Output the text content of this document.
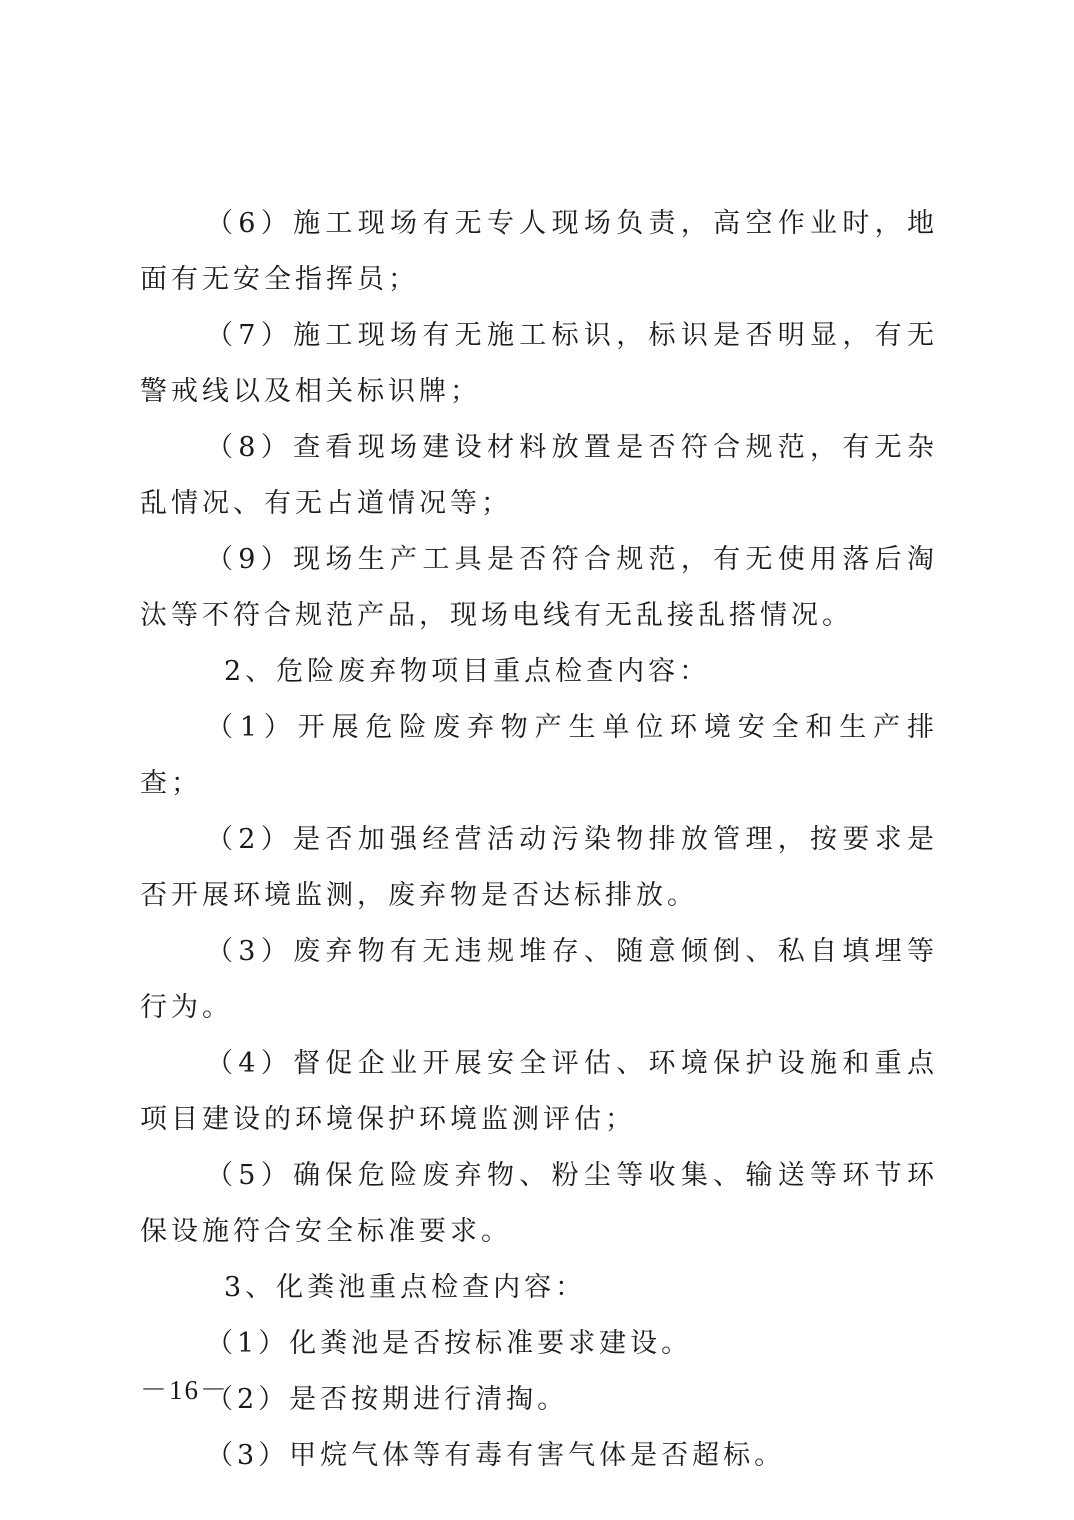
（6）施工现场有无专人现场负责，高空作业时，地面有无安全指挥员；

（7）施工现场有无施工标识，标识是否明显，有无警戒线以及相关标识牌；

（8）查看现场建设材料放置是否符合规范，有无杂乱情况、有无占道情况等；

（9）现场生产工具是否符合规范，有无使用落后淘汰等不符合规范产品，现场电线有无乱接乱搭情况。

2、危险废弃物项目重点检查内容：

（1）开展危险废弃物产生单位环境安全和生产排查；

（2）是否加强经营活动污染物排放管理，按要求是否开展环境监测，废弃物是否达标排放。

（3）废弃物有无违规堆存、随意倾倒、私自填埋等行为。

（4）督促企业开展安全评估、环境保护设施和重点项目建设的环境保护环境监测评估；

（5）确保危险废弃物、粉尘等收集、输送等环节环保设施符合安全标准要求。

3、化粪池重点检查内容：

（1）化粪池是否按标准要求建设。

（2）是否按期进行清掏。

（3）甲烷气体等有毒有害气体是否超标。

－16－
